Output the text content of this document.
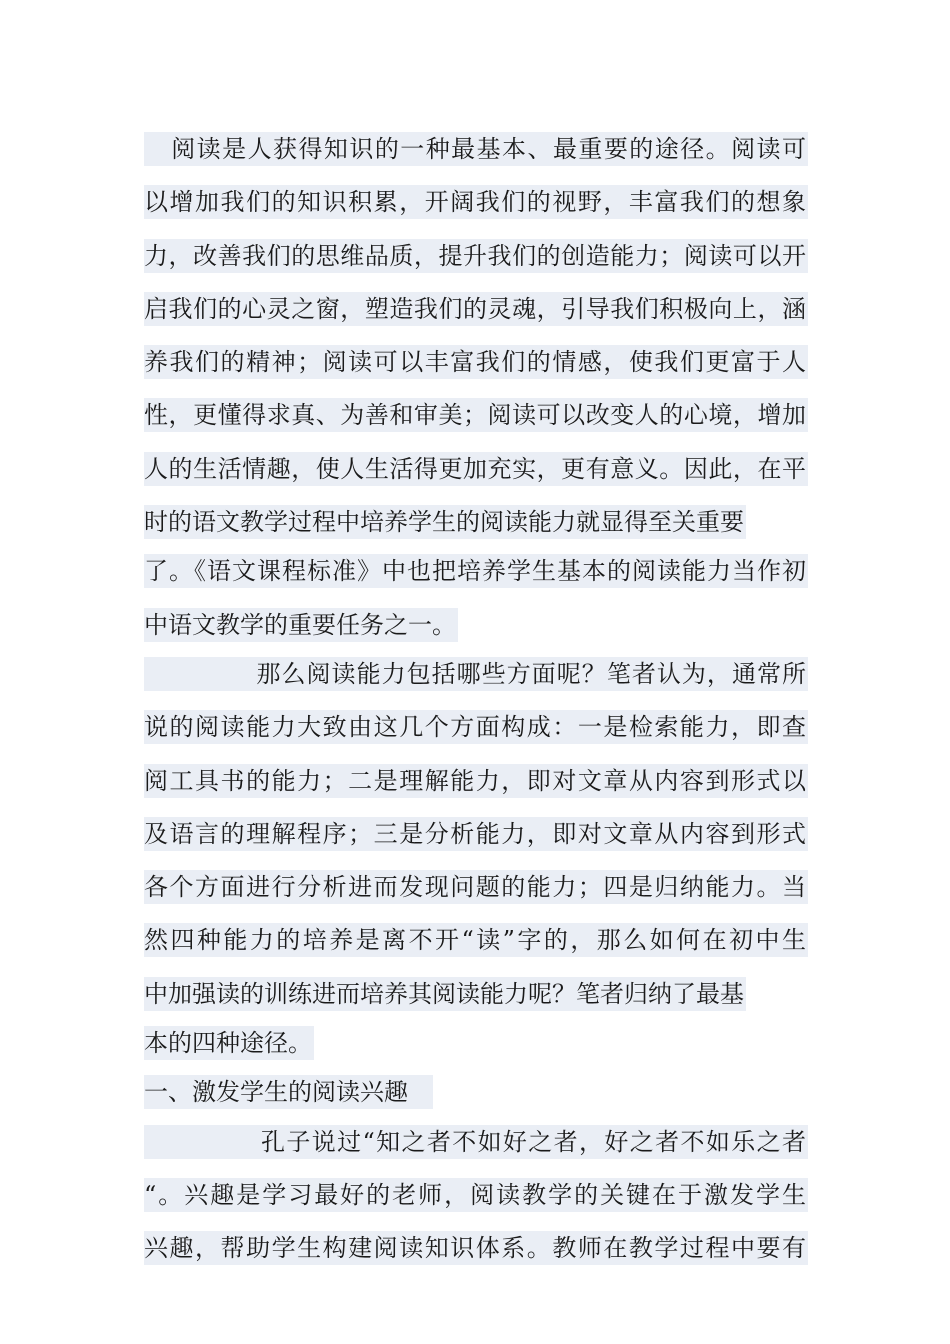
阅读是人获得知识的一种最基本、最重要的途径。阅读可
以增加我们的知识积累，开阔我们的视野，丰富我们的想象
力，改善我们的思维品质，提升我们的创造能力；阅读可以开
启我们的心灵之窗，塑造我们的灵魂，引导我们积极向上，涵
养我们的精神；阅读可以丰富我们的情感，使我们更富于人
性，更懂得求真、为善和审美；阅读可以改变人的心境，增加
人的生活情趣，使人生活得更加充实，更有意义。因此，在平
时的语文教学过程中培养学生的阅读能力就显得至关重要
了。《语文课程标准》中也把培养学生基本的阅读能力当作初
中语文教学的重要任务之一。
那么阅读能力包括哪些方面呢？笔者认为，通常所
说的阅读能力大致由这几个方面构成：一是检索能力，即查
阅工具书的能力；二是理解能力，即对文章从内容到形式以
及语言的理解程序；三是分析能力，即对文章从内容到形式
各个方面进行分析进而发现问题的能力；四是归纳能力。当
然四种能力的培养是离不开“读”字的，那么如何在初中生
中加强读的训练进而培养其阅读能力呢？笔者归纳了最基
本的四种途径。
一、激发学生的阅读兴趣
孔子说过“知之者不如好之者，好之者不如乐之者
“。兴趣是学习最好的老师，阅读教学的关键在于激发学生
兴趣，帮助学生构建阅读知识体系。教师在教学过程中要有
